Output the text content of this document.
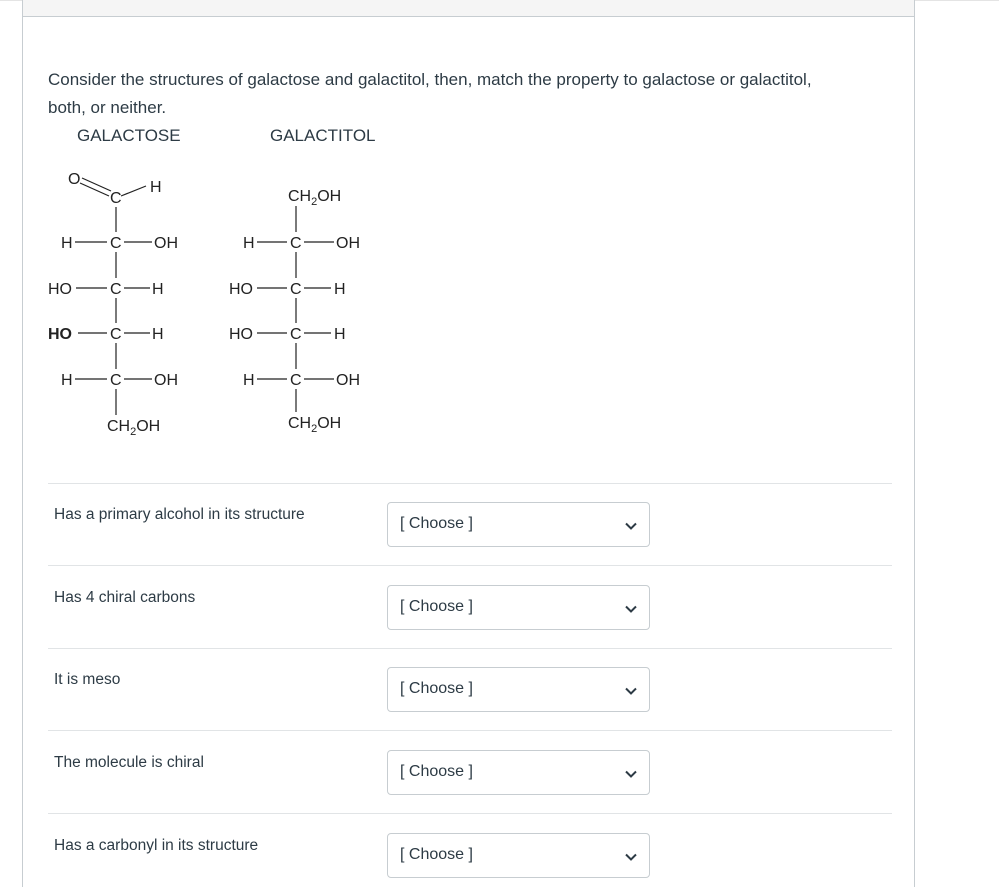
Consider the structures of galactose and galactitol, then, match the property to galactose or galactitol, both, or neither.
GALACTOSE	GALACTITOL
O
C
H
H C OH
HO C H
HO C H
H C OH
$CH_2OH$
$CH_2OH$
H C OH
HO C H
HO C H
H C OH
$CH_2OH$
Has a primary alcohol in its structure
[ Choose ]
Has 4 chiral carbons
[ Choose ]
It is meso
[ Choose ]
The molecule is chiral
[ Choose ]
Has a carbonyl in its structure
[ Choose ]
